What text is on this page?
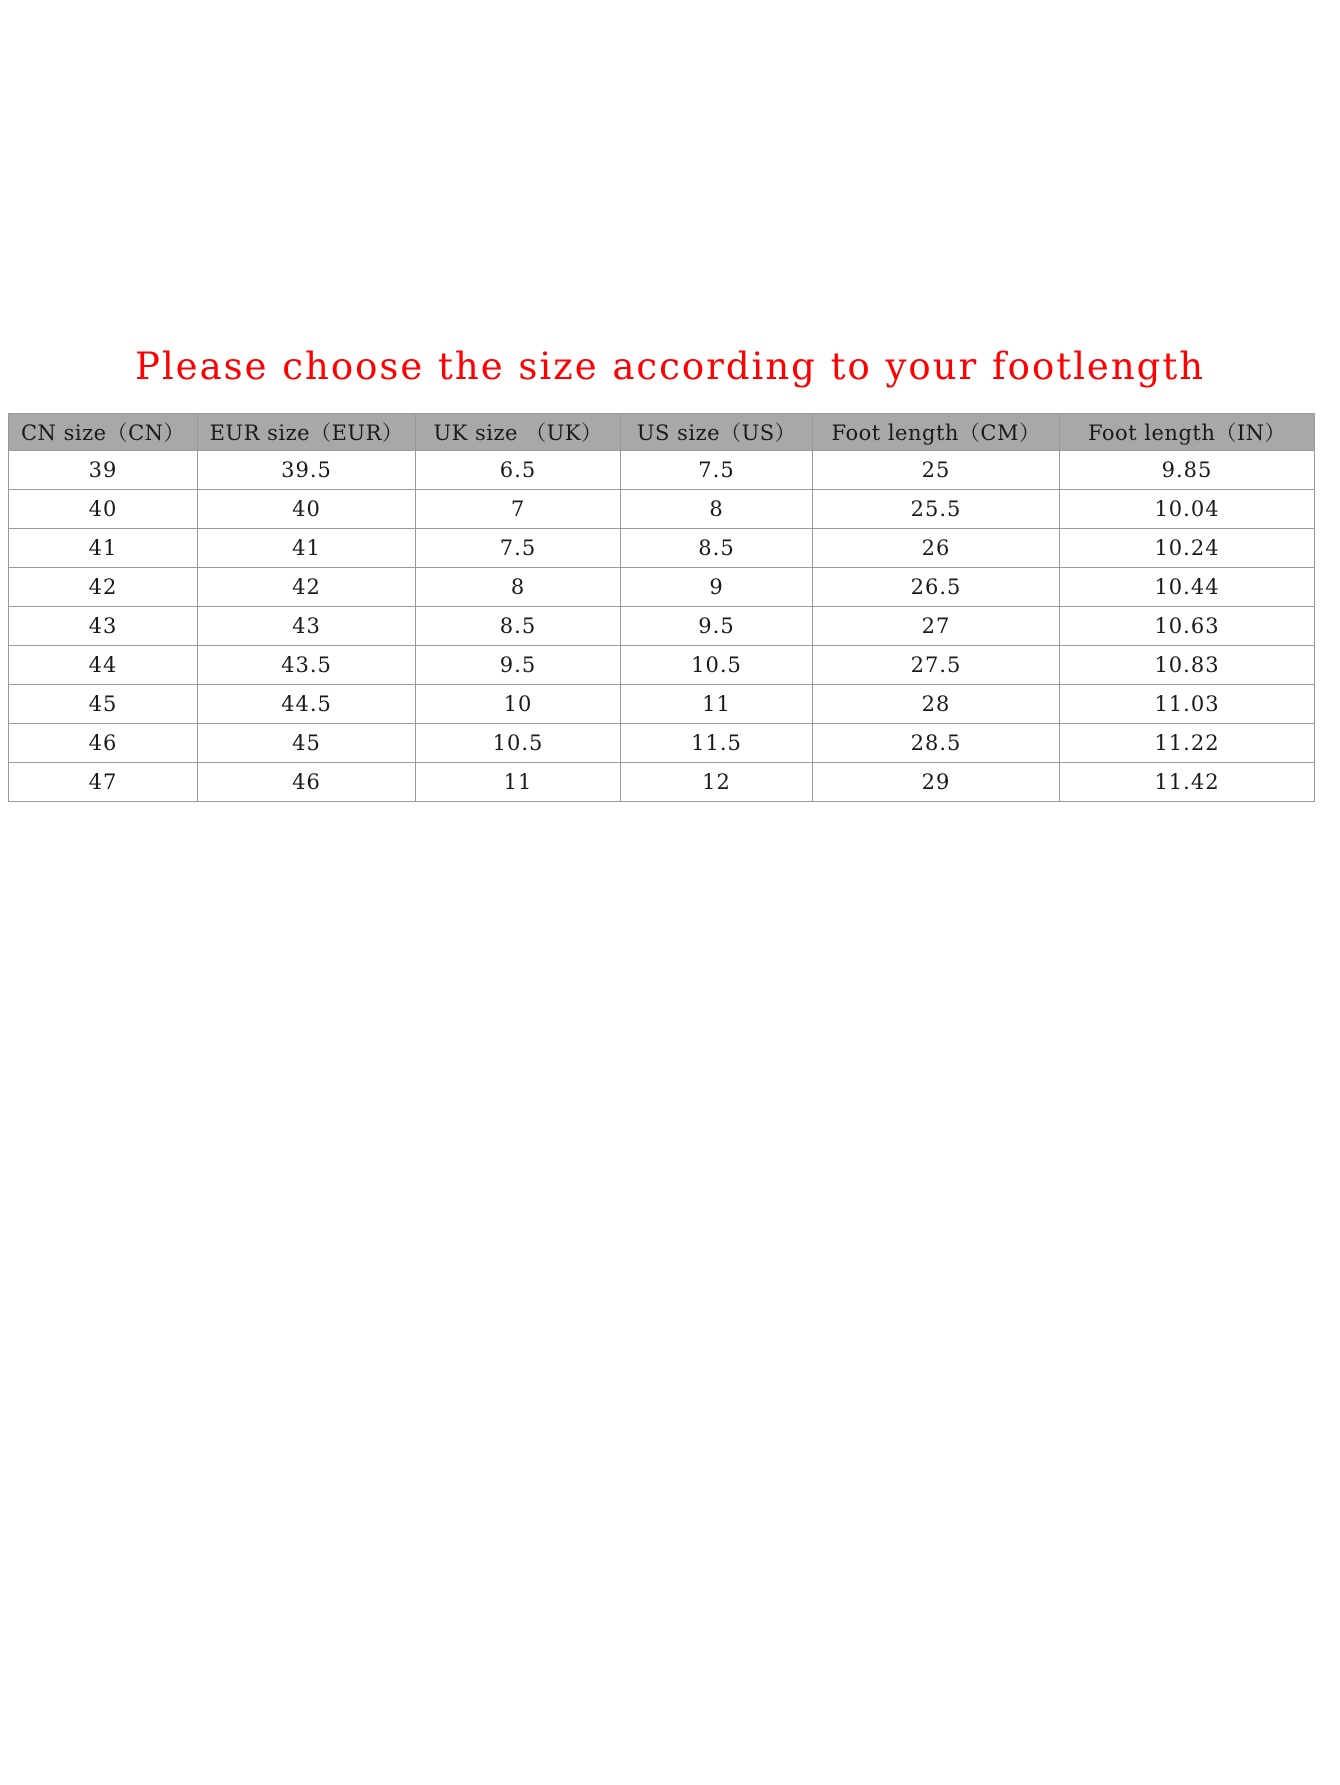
Please choose the size according to your footlength
CN size（CN）	EUR size（EUR）	UK size （UK）	US size（US）	Foot length（CM）	Foot length（IN）
39	39.5	6.5	7.5	25	9.85
40	40	7	8	25.5	10.04
41	41	7.5	8.5	26	10.24
42	42	8	9	26.5	10.44
43	43	8.5	9.5	27	10.63
44	43.5	9.5	10.5	27.5	10.83
45	44.5	10	11	28	11.03
46	45	10.5	11.5	28.5	11.22
47	46	11	12	29	11.42
